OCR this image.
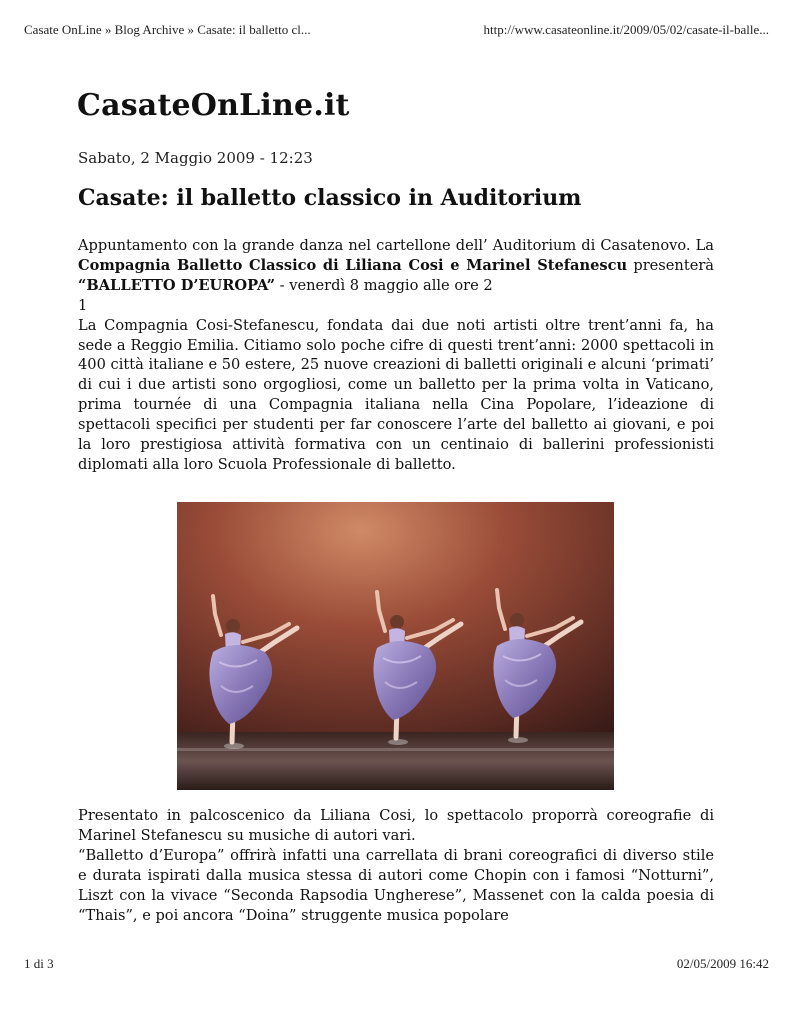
Casate OnLine » Blog Archive » Casate: il balletto cl...	http://www.casateonline.it/2009/05/02/casate-il-balle...
CasateOnLine.it
Sabato, 2 Maggio 2009 - 12:23
Casate: il balletto classico in Auditorium

Appuntamento con la grande danza nel cartellone dell’ Auditorium di Casatenovo. La Compagnia Balletto Classico di Liliana Cosi e Marinel Stefanescu presenterà “BALLETTO D’EUROPA” - venerdì 8 maggio alle ore 2
1

La Compagnia Cosi-Stefanescu, fondata dai due noti artisti oltre trent’anni fa, ha sede a Reggio Emilia. Citiamo solo poche cifre di questi trent’anni: 2000 spettacoli in 400 città italiane e 50 estere, 25 nuove creazioni di balletti originali e alcuni ‘primati’ di cui i due artisti sono orgogliosi, come un balletto per la prima volta in Vaticano, prima tournée di una Compagnia italiana nella Cina Popolare, l’ideazione di spettacoli specifici per studenti per far conoscere l’arte del balletto ai giovani, e poi la loro prestigiosa attività formativa con un centinaio di ballerini professionisti diplomati alla loro Scuola Professionale di balletto.

Presentato in palcoscenico da Liliana Cosi, lo spettacolo proporrà coreografie di Marinel Stefanescu su musiche di autori vari.

“Balletto d’Europa” offrirà infatti una carrellata di brani coreografici di diverso stile e durata ispirati dalla musica stessa di autori come Chopin con i famosi “Notturni”, Liszt con la vivace “Seconda Rapsodia Ungherese”, Massenet con la calda poesia di “Thais”, e poi ancora “Doina” struggente musica popolare

1 di 3	02/05/2009 16:42
